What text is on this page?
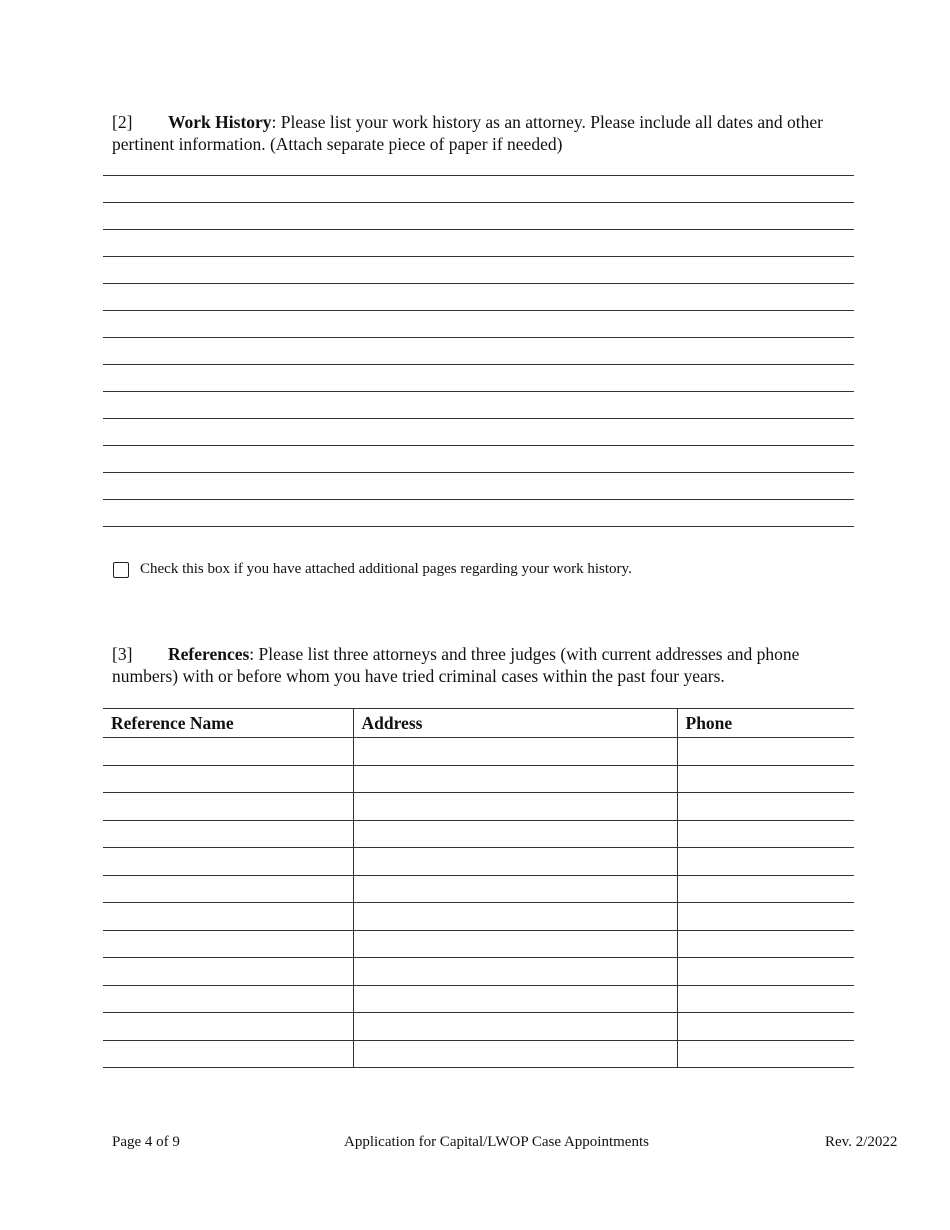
[2] Work History: Please list your work history as an attorney. Please include all dates and other pertinent information. (Attach separate piece of paper if needed)
Check this box if you have attached additional pages regarding your work history.
[3] References: Please list three attorneys and three judges (with current addresses and phone numbers) with or before whom you have tried criminal cases within the past four years.
Reference Name	Address	Phone

Page 4 of 9	Application for Capital/LWOP Case Appointments	Rev. 2/2022
